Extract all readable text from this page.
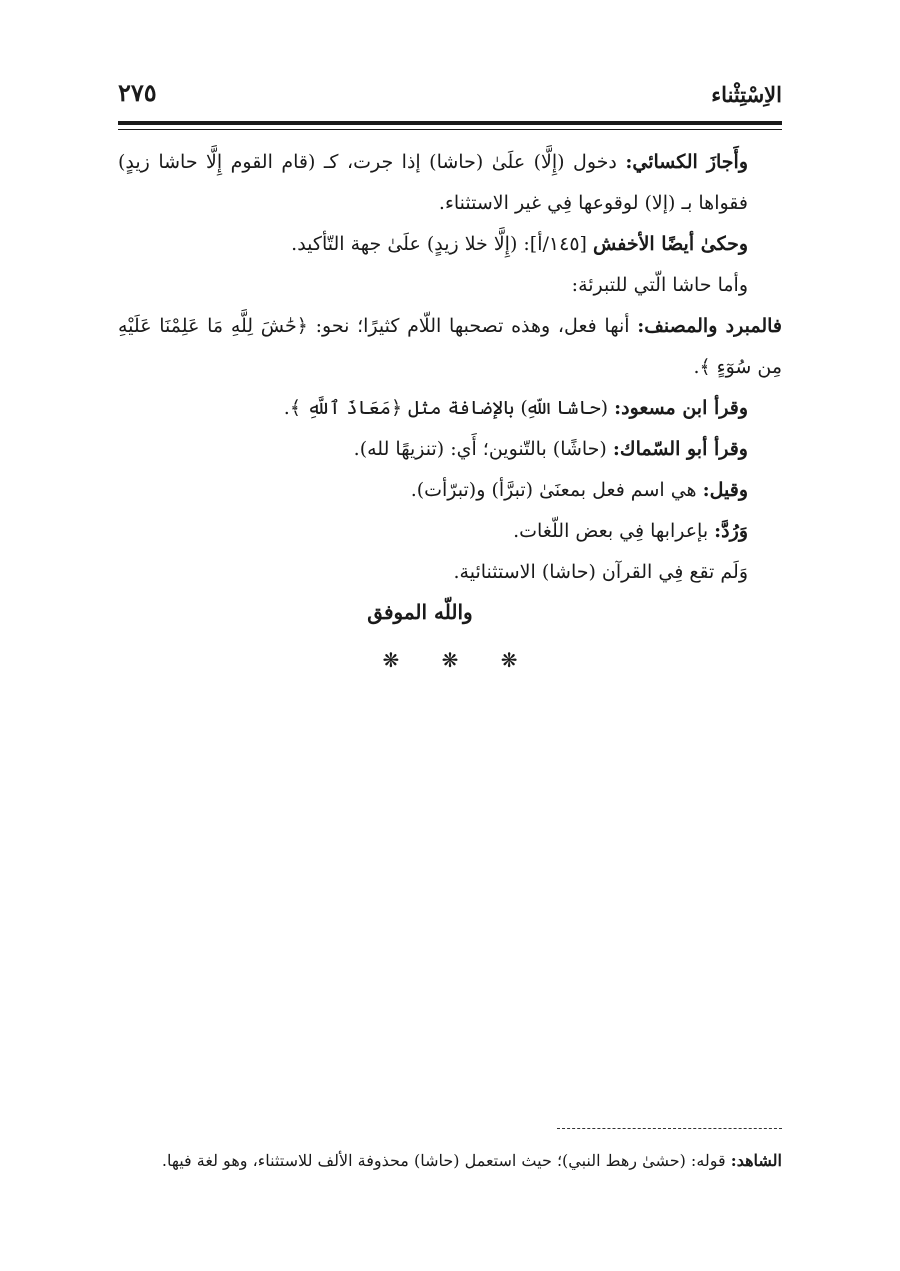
الاِسْتِثْناء
٢٧٥

وأَجازَ الكسائي: دخول (إِلَّا) علَىٰ (حاشا) إذا جرت، كـ (قام القوم إِلَّا حاشا زيدٍ) فقواها بـ (إلا) لوقوعها فِي غير الاستثناء.

وحكىٰ أيضًا الأخفش [١٤٥/أ]: (إِلَّا خلا زيدٍ) علَىٰ جهة التّأكيد.

وأما حاشا الّتي للتبرئة:

فالمبرد والمصنف: أنها فعل، وهذه تصحبها اللّام كثيرًا؛ نحو: ﴿حَٰشَ لِلَّهِ مَا عَلِمْنَا عَلَيْهِ مِن سُوٓءٍ ﴾.

وقرأ ابن مسعود: (حاشا اللّهِ) بالإضافة مثل ﴿مَعَاذَ ٱللَّهِ ﴾.

وقرأ أبو السّماك: (حاشًا) بالتّنوين؛ أَي: (تنزيهًا لله).

وقيل: هي اسم فعل بمعنَىٰ (تبرَّأ) و(تبرّأت).

وَرُدَّ: بإعرابها فِي بعض اللّغات.

وَلَم تقع فِي القرآن (حاشا) الاستثنائية.

واللّه الموفق
❋ ❋ ❋
الشاهد: قوله: (حشىٰ رهط النبي)؛ حيث استعمل (حاشا) محذوفة الألف للاستثناء، وهو لغة فيها.
